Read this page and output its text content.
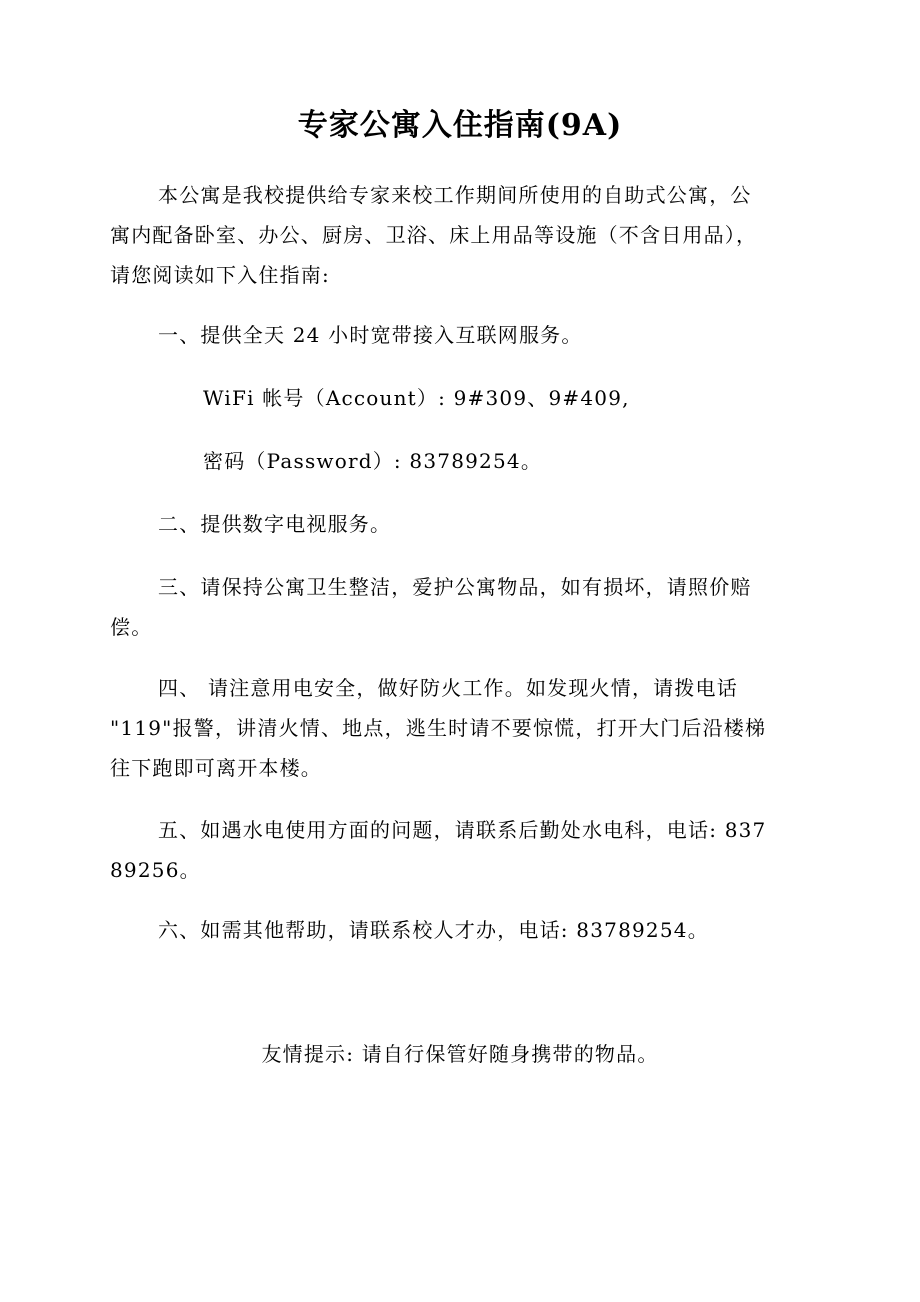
专家公寓入住指南(9A)
本公寓是我校提供给专家来校工作期间所使用的自助式公寓，公
寓内配备卧室、办公、厨房、卫浴、床上用品等设施（不含日用品），
请您阅读如下入住指南:
一、提供全天 24 小时宽带接入互联网服务。
WiFi 帐号（Account）: 9#309、9#409,
密码（Password）: 83789254。
二、提供数字电视服务。
三、请保持公寓卫生整洁，爱护公寓物品，如有损坏，请照价赔
偿。
四、 请注意用电安全，做好防火工作。如发现火情，请拨电话
"119"报警，讲清火情、地点，逃生时请不要惊慌，打开大门后沿楼梯
往下跑即可离开本楼。
五、如遇水电使用方面的问题，请联系后勤处水电科，电话: 837
89256。
六、如需其他帮助，请联系校人才办，电话: 83789254。
友情提示: 请自行保管好随身携带的物品。
